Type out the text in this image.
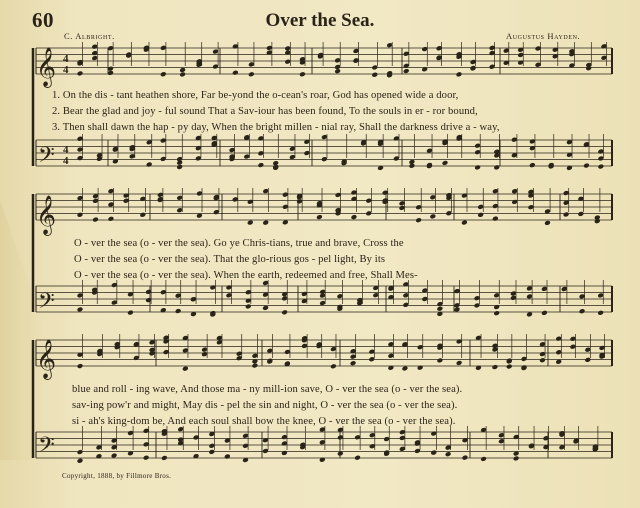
60	Over the Sea.
C. Albright.	Augustus Hayden.
𝄞
𝄢
𝄞
𝄢
𝄞
𝄢
4
4
4
4
1. On the dis - tant heathen shore, Far be-yond the o-cean's roar, God has opened wide a door,
2. Bear the glad and joy - ful sound That a Sav-iour has been found, To the souls in er - ror bound,
3. Then shall dawn the hap - py day, When the bright millen - nial ray, Shall the darkness drive a - way,
O - ver the sea (o - ver the sea). Go ye Chris-tians, true and brave, Cross the
O - ver the sea (o - ver the sea). That the glo-rious gos - pel light, By its
O - ver the sea (o - ver the sea). When the earth, redeemed and free, Shall Mes-
blue and roll - ing wave, And those ma - ny mill-ion save, O - ver the sea (o - ver the sea).
sav-ing pow'r and might, May dis - pel the sin and night, O - ver the sea (o - ver the sea).
si - ah's king-dom be, And each soul shall bow the knee, O - ver the sea (o - ver the sea).
Copyright, 1888, by Fillmore Bros.
